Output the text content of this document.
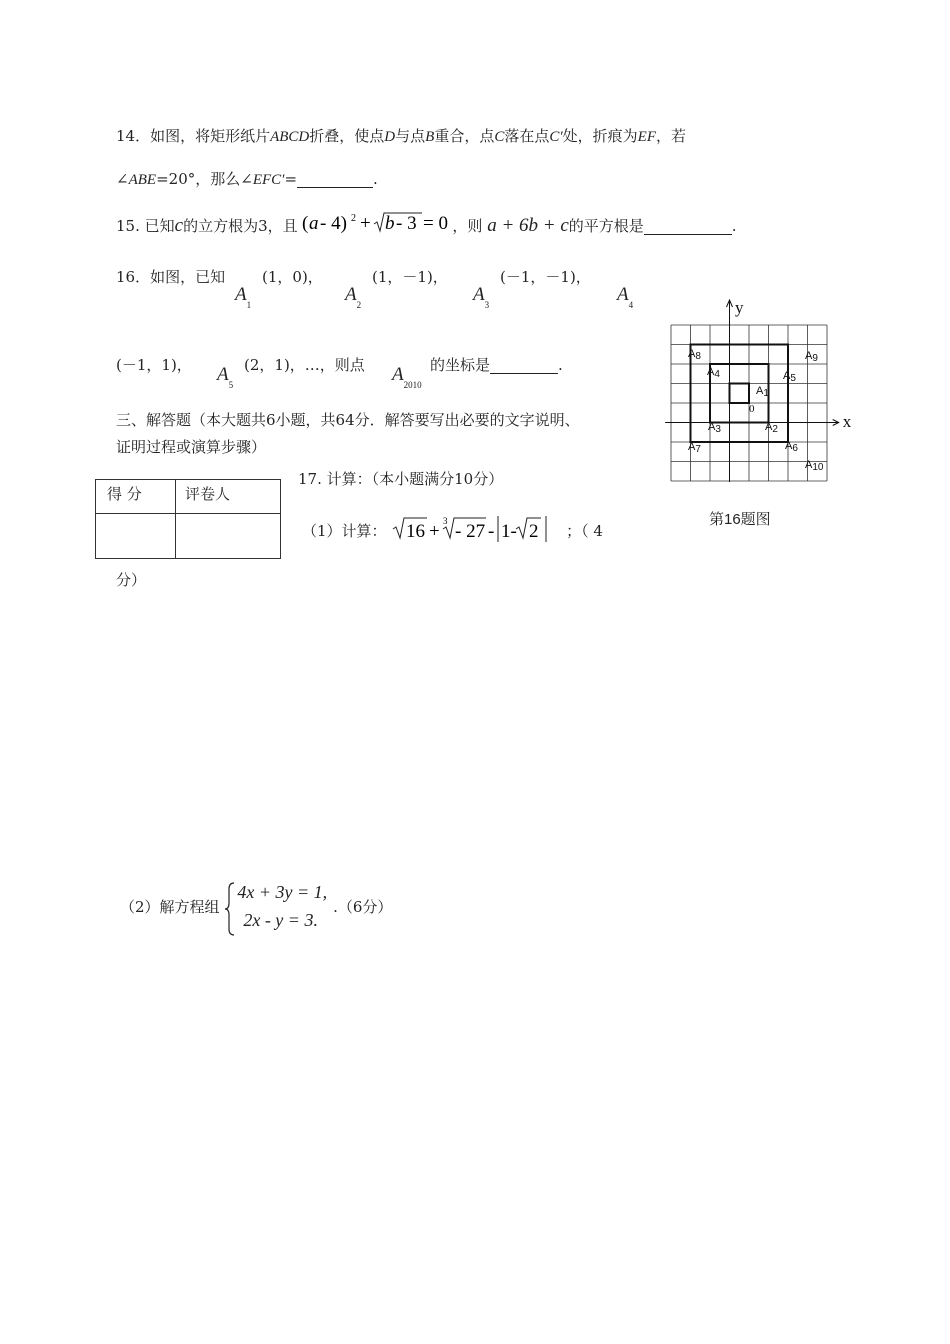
14．如图，将矩形纸片ABCD折叠，使点D与点B重合，点C落在点C′处，折痕为EF，若
∠ABE=20°，那么∠EFC′=	.
15. 已知c的立方根为3，且 ( a - 4) 2 + b - 3 = 0 ，则 a + 6b + c的平方根是	.
16．如图，已知
$A_1$
(1，0)，
$A_2$
(1，－1)，
$A_3$
(－1，－1)，
$A_4$
(－1，1)， $A_5$
(2，1)，…，则点 $A_{2010}$
的坐标是	.
三、解答题（本大题共6小题，共64分．解答要写出必要的文字说明、
证明过程或演算步骤）
得 分	评卷人

17. 计算：（本小题满分10分）
（1）计算： 16 + 3 - 27 - 1- 2 ；（ 4
分）
（2）解方程组
4x + 3y = 1,
2x - y = 3.
.（6分）
x
y
0
A1
A2
A3
A4	A5
A6
A7
A8	A9
A10
第16题图
